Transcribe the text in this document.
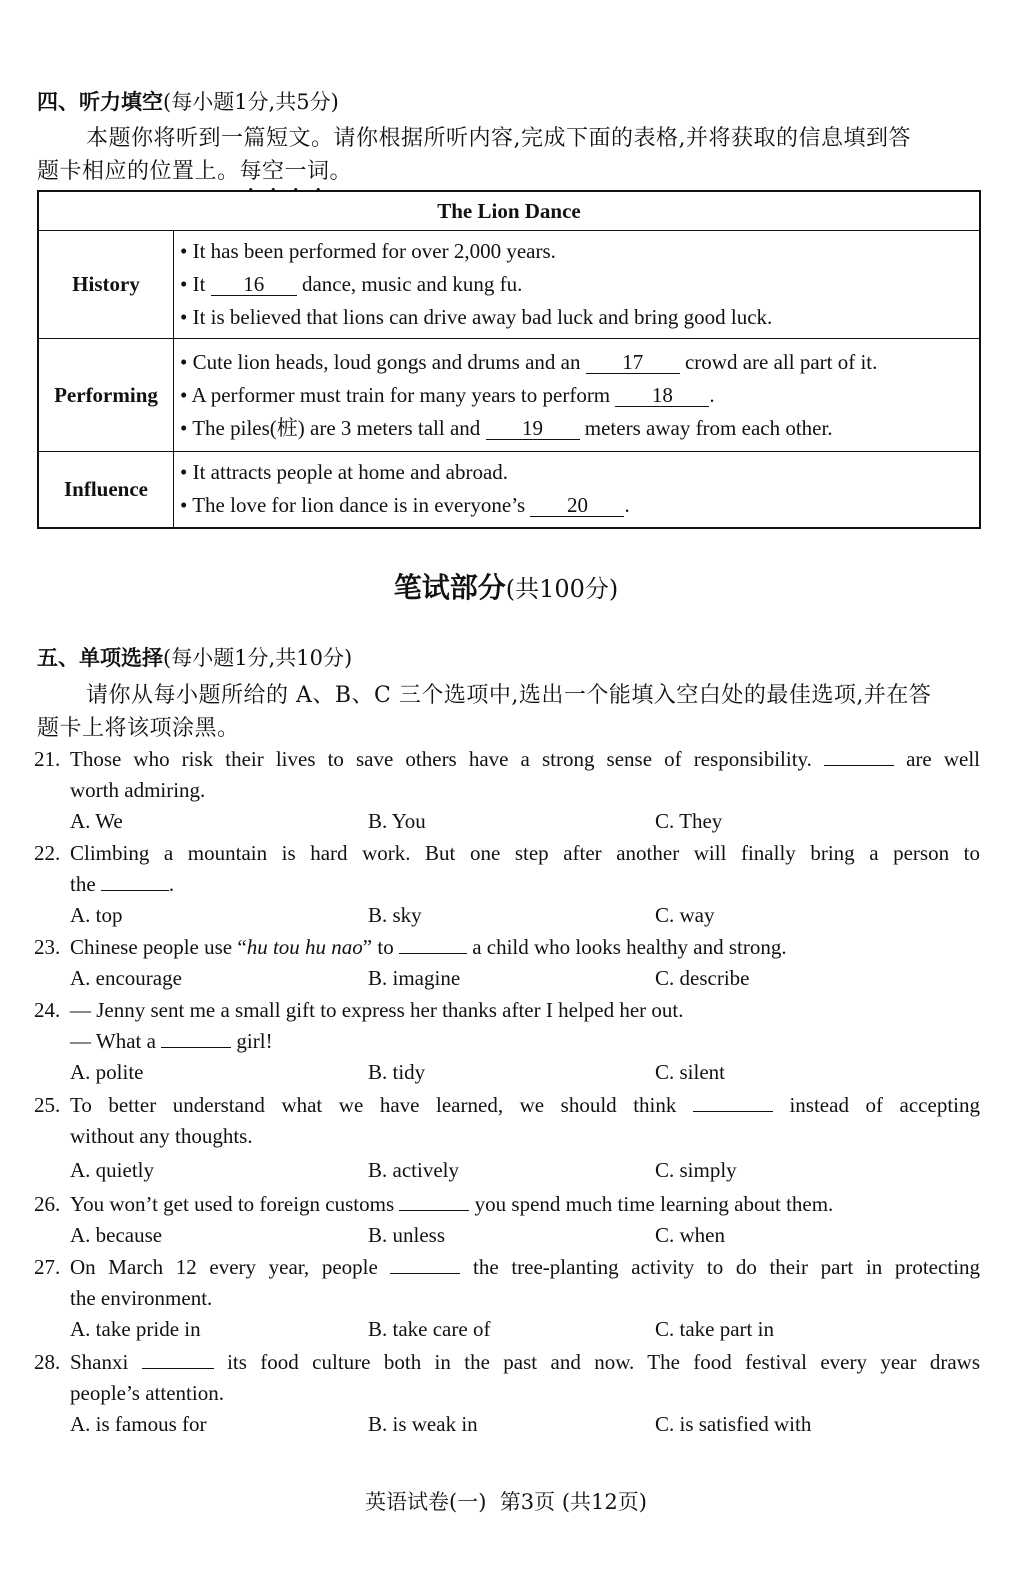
四、听力填空(每小题1分,共5分)
本题你将听到一篇短文。请你根据所听内容,完成下面的表格,并将获取的信息填到答
题卡相应的位置上。每空一词。
The Lion Dance	
History	• It has been performed for over 2,000 years.
• It 16 dance, music and kung fu.
• It is believed that lions can drive away bad luck and bring good luck.

Performing	• Cute lion heads, loud gongs and drums and an 17 crowd are all part of it.
• A performer must train for many years to perform 18 .
• The piles(桩) are 3 meters tall and 19 meters away from each other.

Influence	• It attracts people at home and abroad.
• The love for lion dance is in everyone’s 20 .
笔试部分(共100分)
五、单项选择(每小题1分,共10分)
请你从每小题所给的 A、B、C 三个选项中,选出一个能填入空白处的最佳选项,并在答
题卡上将该项涂黑。
21. Those who risk their lives to save others have a strong sense of responsibility.	are well
worth admiring.
A. We	B. You	C. They
22. Climbing a mountain is hard work. But one step after another will finally bring a person to
the	.
A. top	B. sky	C. way
23. Chinese people use “hu tou hu nao” to	a child who looks healthy and strong.
A. encourage	B. imagine	C. describe
24. — Jenny sent me a small gift to express her thanks after I helped her out.
— What a	girl!
A. polite	B. tidy	C. silent
25. To better understand what we have learned, we should think	instead of accepting
without any thoughts.
A. quietly	B. actively	C. simply
26. You won’t get used to foreign customs	you spend much time learning about them.
A. because	B. unless	C. when
27. On March 12 every year, people	the tree-planting activity to do their part in protecting
the environment.
A. take pride in	B. take care of	C. take part in
28. Shanxi	its food culture both in the past and now. The food festival every year draws
people’s attention.
A. is famous for	B. is weak in	C. is satisfied with
英语试卷(一)  第3页 (共12页)
